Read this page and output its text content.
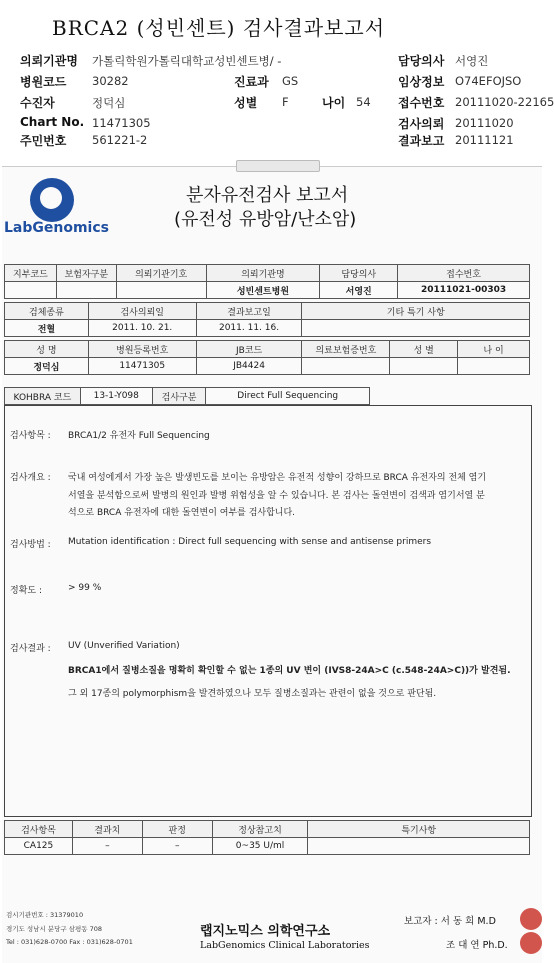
BRCA2 (성빈센트) 검사결과보고서
의뢰기관명 가톨릭학원가톨릭대학교성빈센트병/ -	담당의사 서영진
병원코드 30282	진료과 GS	임상정보 O74EFOJSO
수진자	정덕심	성별 F	나이 54 접수번호 20111020-22165
Chart No. 11471305	검사의뢰 20111020
주민번호 561221-2	결과보고 20111121
LabGenomics
분자유전검사 보고서
(유전성 유방암/난소암)
지부코드	보험자구분	의뢰기관기호	의뢰기관명	담당의사	접수번호
			성빈센트병원	서영진	20111021-00303
검체종류	검사의뢰일	결과보고일	기타 특기 사항
전혈	2011. 10. 21.	2011. 11. 16.	
성 명	병원등록번호	JB코드	의료보험증번호	성 별	나 이
정덕심	11471305	JB4424			
KOHBRA 코드	13-1-Y098	검사구분	Direct Full Sequencing
검사항목 : BRCA1/2 유전자 Full Sequencing
검사개요 : 국내 여성에게서 가장 높은 발생빈도를 보이는 유방암은 유전적 성향이 강하므로 BRCA 유전자의 전체 염기
서열을 분석함으로써 발병의 원인과 발병 위험성을 알 수 있습니다. 본 검사는 돌연변이 검색과 염기서열 분
석으로 BRCA 유전자에 대한 돌연변이 여부를 검사합니다.
검사방법 : Mutation identification : Direct full sequencing with sense and antisense primers
정확도 :	> 99 %
검사결과 : UV (Unverified Variation)
BRCA1에서 질병소질을 명확히 확인할 수 없는 1종의 UV 변이 (IVS8-24A>C (c.548-24A>C))가 발견됨.
그 외 17종의 polymorphism을 발견하였으나 모두 질병소질과는 관련이 없을 것으로 판단됨.
검사항목	결과치	판정	정상참고치	특기사항
CA125	–	–	0~35 U/ml	
검시기관번호 : 31379010
경기도 성남시 분당구 삼평동 708
Tel : 031)628-0700 Fax : 031)628-0701
랩지노믹스 의학연구소
LabGenomics Clinical Laboratories
보고자 : 서 동 희 M.D
조 대 연 Ph.D.
